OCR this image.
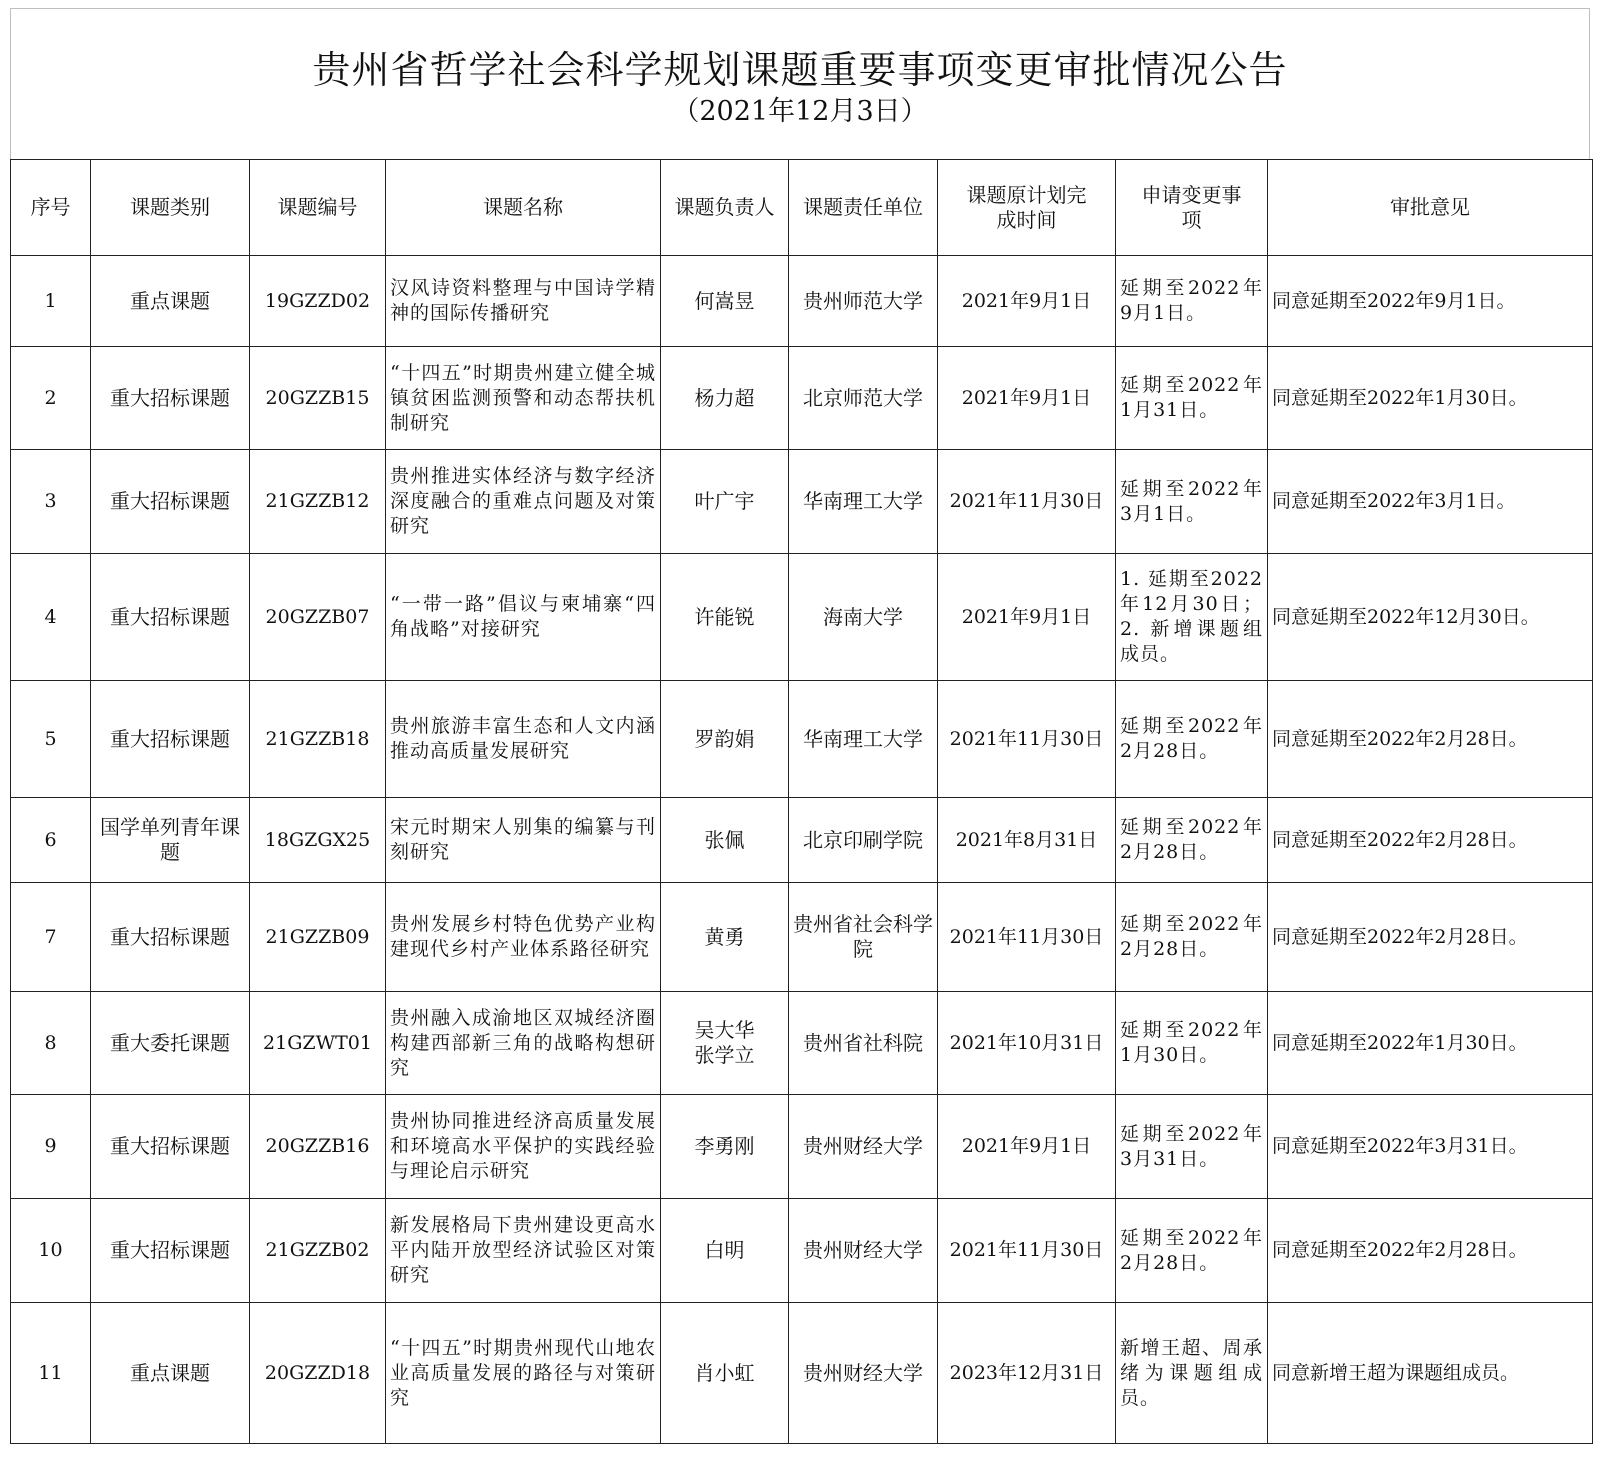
贵州省哲学社会科学规划课题重要事项变更审批情况公告
（2021年12月3日）
序号	课题类别	课题编号	课题名称	课题负责人	课题责任单位	课题原计划完成时间	申请变更事项	审批意见
1	重点课题	19GZZD02	汉风诗资料整理与中国诗学精神的国际传播研究	何嵩昱	贵州师范大学	2021年9月1日	延期至2022年9月1日。	同意延期至2022年9月1日。
2	重大招标课题	20GZZB15	“十四五”时期贵州建立健全城镇贫困监测预警和动态帮扶机制研究	杨力超	北京师范大学	2021年9月1日	延期至2022年1月31日。	同意延期至2022年1月30日。
3	重大招标课题	21GZZB12	贵州推进实体经济与数字经济深度融合的重难点问题及对策研究	叶广宇	华南理工大学	2021年11月30日	延期至2022年3月1日。	同意延期至2022年3月1日。
4	重大招标课题	20GZZB07	“一带一路”倡议与柬埔寨“四角战略”对接研究	许能锐	海南大学	2021年9月1日	1. 延期至2022年12月30日；2. 新增课题组成员。	同意延期至2022年12月30日。
5	重大招标课题	21GZZB18	贵州旅游丰富生态和人文内涵推动高质量发展研究	罗韵娟	华南理工大学	2021年11月30日	延期至2022年2月28日。	同意延期至2022年2月28日。
6	国学单列青年课题	18GZGX25	宋元时期宋人别集的编纂与刊刻研究	张佩	北京印刷学院	2021年8月31日	延期至2022年2月28日。	同意延期至2022年2月28日。
7	重大招标课题	21GZZB09	贵州发展乡村特色优势产业构建现代乡村产业体系路径研究	黄勇	贵州省社会科学院	2021年11月30日	延期至2022年2月28日。	同意延期至2022年2月28日。
8	重大委托课题	21GZWT01	贵州融入成渝地区双城经济圈构建西部新三角的战略构想研究	吴大华 张学立	贵州省社科院	2021年10月31日	延期至2022年1月30日。	同意延期至2022年1月30日。
9	重大招标课题	20GZZB16	贵州协同推进经济高质量发展和环境高水平保护的实践经验与理论启示研究	李勇刚	贵州财经大学	2021年9月1日	延期至2022年3月31日。	同意延期至2022年3月31日。
10	重大招标课题	21GZZB02	新发展格局下贵州建设更高水平内陆开放型经济试验区对策研究	白明	贵州财经大学	2021年11月30日	延期至2022年2月28日。	同意延期至2022年2月28日。
11	重点课题	20GZZD18	“十四五”时期贵州现代山地农业高质量发展的路径与对策研究	肖小虹	贵州财经大学	2023年12月31日	新增王超、周承绪为课题组成员。	同意新增王超为课题组成员。
